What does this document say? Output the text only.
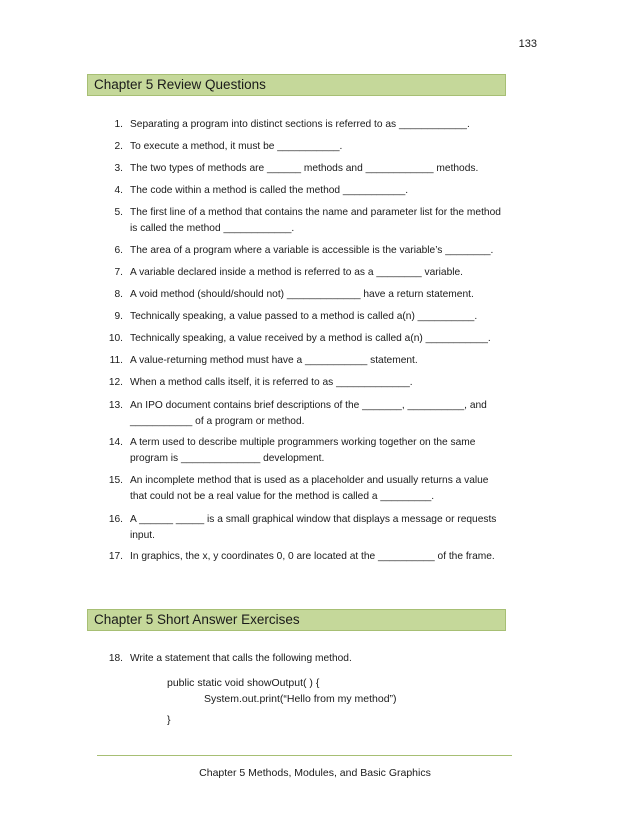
133
Chapter 5 Review Questions
1. Separating a program into distinct sections is referred to as ____________.
2. To execute a method, it must be ___________.
3. The two types of methods are ______ methods and ____________ methods.
4. The code within a method is called the method ___________.
5. The first line of a method that contains the name and parameter list for the method is called the method ____________.
6. The area of a program where a variable is accessible is the variable’s ________.
7. A variable declared inside a method is referred to as a ________ variable.
8. A void method (should/should not) _____________ have a return statement.
9. Technically speaking, a value passed to a method is called a(n) __________.
10. Technically speaking, a value received by a method is called a(n) ___________.
11. A value-returning method must have a ___________ statement.
12. When a method calls itself, it is referred to as _____________.
13. An IPO document contains brief descriptions of the _______, __________, and ___________ of a program or method.
14. A term used to describe multiple programmers working together on the same program is ______________ development.
15. An incomplete method that is used as a placeholder and usually returns a value that could not be a real value for the method is called a _________.
16. A ______ _____ is a small graphical window that displays a message or requests input.
17. In graphics, the x, y coordinates 0, 0 are located at the __________ of the frame.
Chapter 5 Short Answer Exercises
18. Write a statement that calls the following method.
public static void showOutput( ) {
System.out.print(“Hello from my method”)
}
Chapter 5 Methods, Modules, and Basic Graphics
